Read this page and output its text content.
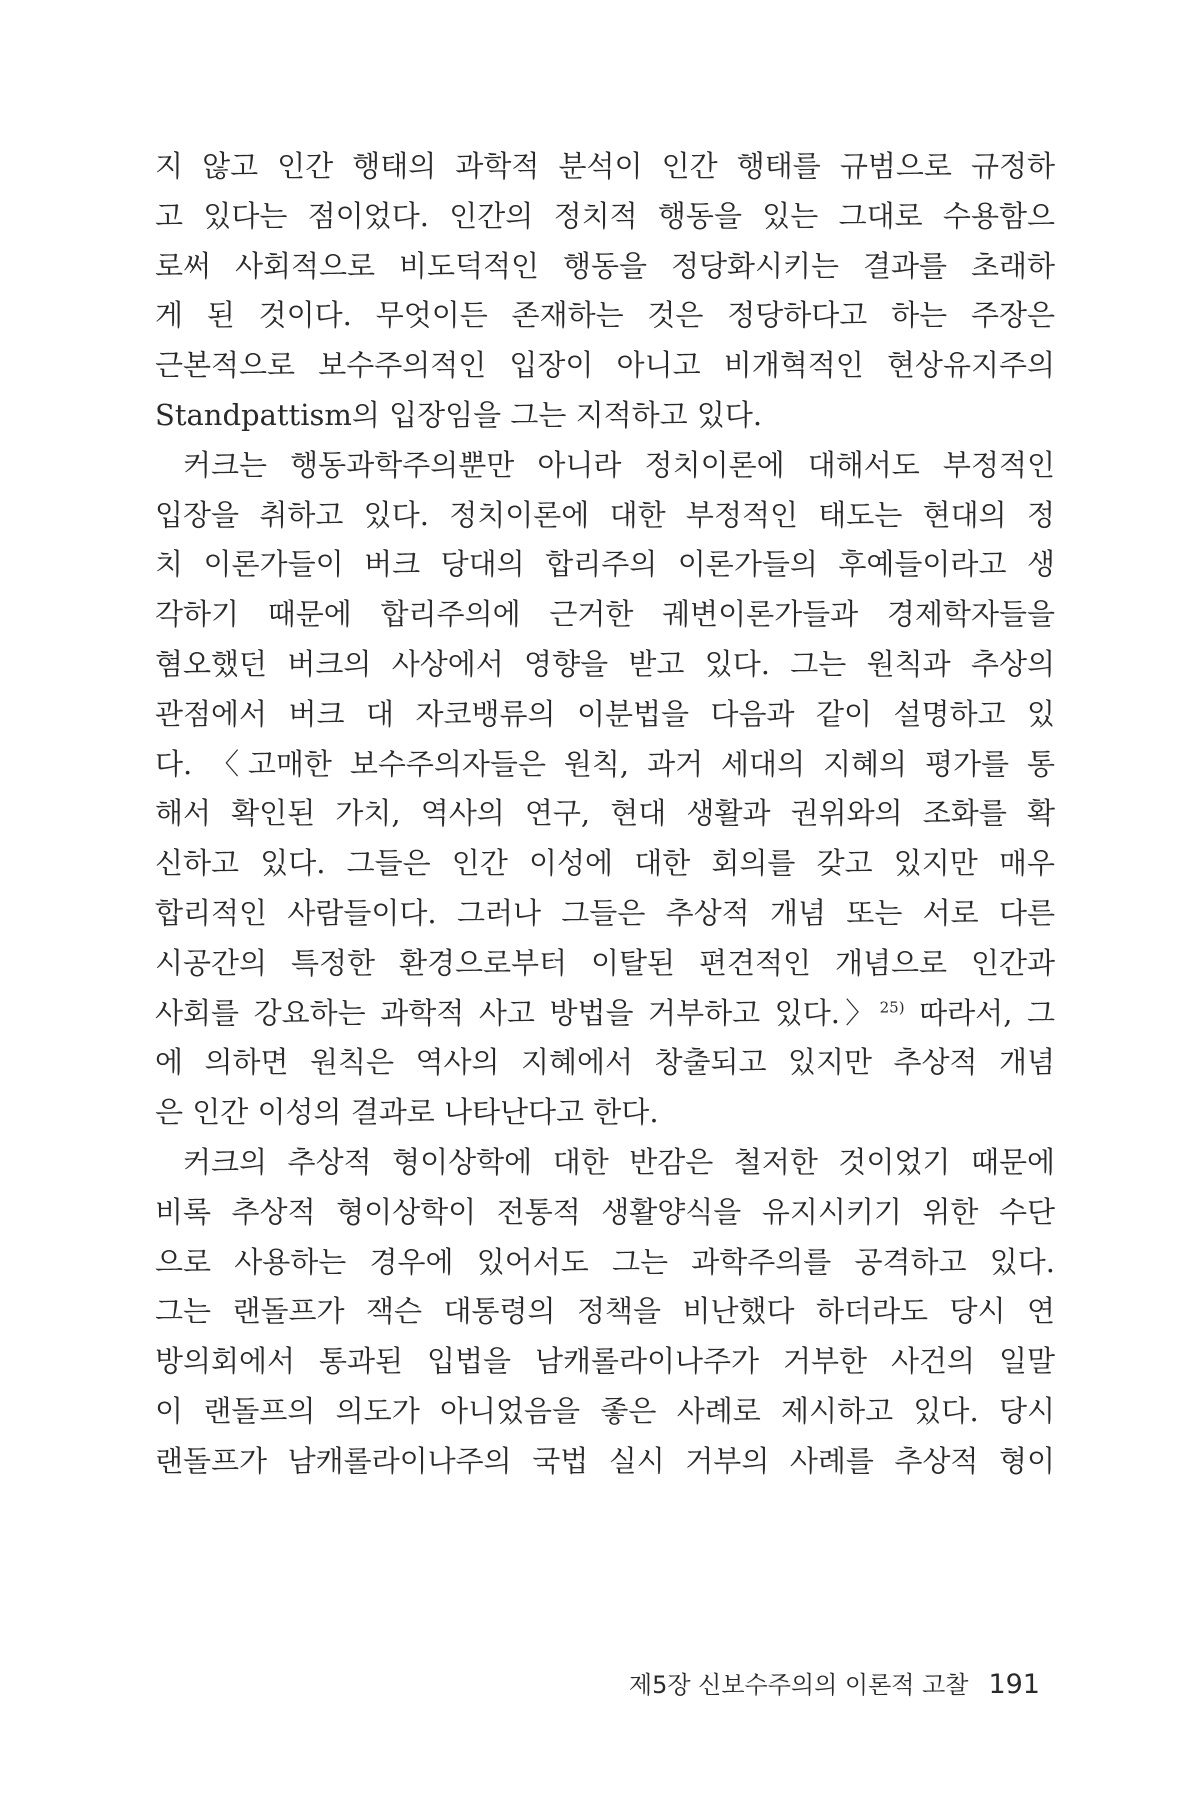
지 않고 인간 행태의 과학적 분석이 인간 행태를 규범으로 규정하
고 있다는 점이었다. 인간의 정치적 행동을 있는 그대로 수용함으
로써 사회적으로 비도덕적인 행동을 정당화시키는 결과를 초래하
게 된 것이다. 무엇이든 존재하는 것은 정당하다고 하는 주장은
근본적으로 보수주의적인 입장이 아니고 비개혁적인 현상유지주의
Standpattism의 입장임을 그는 지적하고 있다.
커크는 행동과학주의뿐만 아니라 정치이론에 대해서도 부정적인
입장을 취하고 있다. 정치이론에 대한 부정적인 태도는 현대의 정
치 이론가들이 버크 당대의 합리주의 이론가들의 후예들이라고 생
각하기 때문에 합리주의에 근거한 궤변이론가들과 경제학자들을
혐오했던 버크의 사상에서 영향을 받고 있다. 그는 원칙과 추상의
관점에서 버크 대 자코뱅류의 이분법을 다음과 같이 설명하고 있
다. 〈고매한 보수주의자들은 원칙, 과거 세대의 지혜의 평가를 통
해서 확인된 가치, 역사의 연구, 현대 생활과 권위와의 조화를 확
신하고 있다. 그들은 인간 이성에 대한 회의를 갖고 있지만 매우
합리적인 사람들이다. 그러나 그들은 추상적 개념 또는 서로 다른
시공간의 특정한 환경으로부터 이탈된 편견적인 개념으로 인간과
사회를 강요하는 과학적 사고 방법을 거부하고 있다.〉$^{25)}$ 따라서, 그
에 의하면 원칙은 역사의 지혜에서 창출되고 있지만 추상적 개념
은 인간 이성의 결과로 나타난다고 한다.
커크의 추상적 형이상학에 대한 반감은 철저한 것이었기 때문에
비록 추상적 형이상학이 전통적 생활양식을 유지시키기 위한 수단
으로 사용하는 경우에 있어서도 그는 과학주의를 공격하고 있다.
그는 랜돌프가 잭슨 대통령의 정책을 비난했다 하더라도 당시 연
방의회에서 통과된 입법을 남캐롤라이나주가 거부한 사건의 일말
이 랜돌프의 의도가 아니었음을 좋은 사례로 제시하고 있다. 당시
랜돌프가 남캐롤라이나주의 국법 실시 거부의 사례를 추상적 형이
제5장 신보수주의의 이론적 고찰 191
